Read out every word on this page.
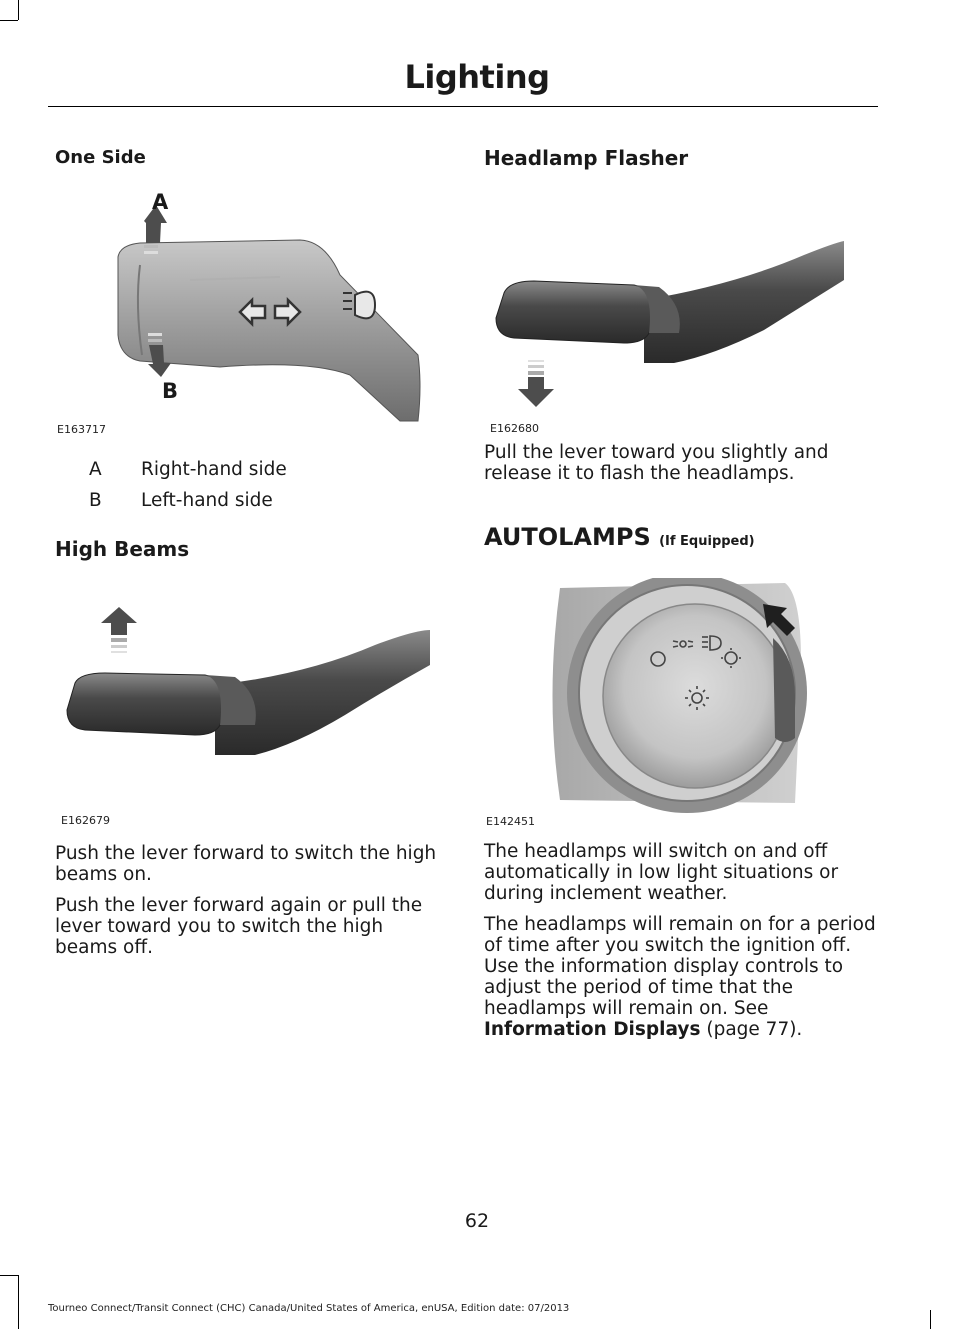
Lighting
One Side
A
B
E163717
A Right-hand side
B Left-hand side
High Beams
E162679
Push the lever forward to switch the high beams on.
Push the lever forward again or pull the lever toward you to switch the high beams off.
Headlamp Flasher
E162680
Pull the lever toward you slightly and release it to flash the headlamps.
AUTOLAMPS (If Equipped)
E142451
The headlamps will switch on and off automatically in low light situations or during inclement weather.
The headlamps will remain on for a period of time after you switch the ignition off. Use the information display controls to adjust the period of time that the headlamps will remain on. See Information Displays (page 77).
62
Tourneo Connect/Transit Connect (CHC) Canada/United States of America, enUSA, Edition date: 07/2013
